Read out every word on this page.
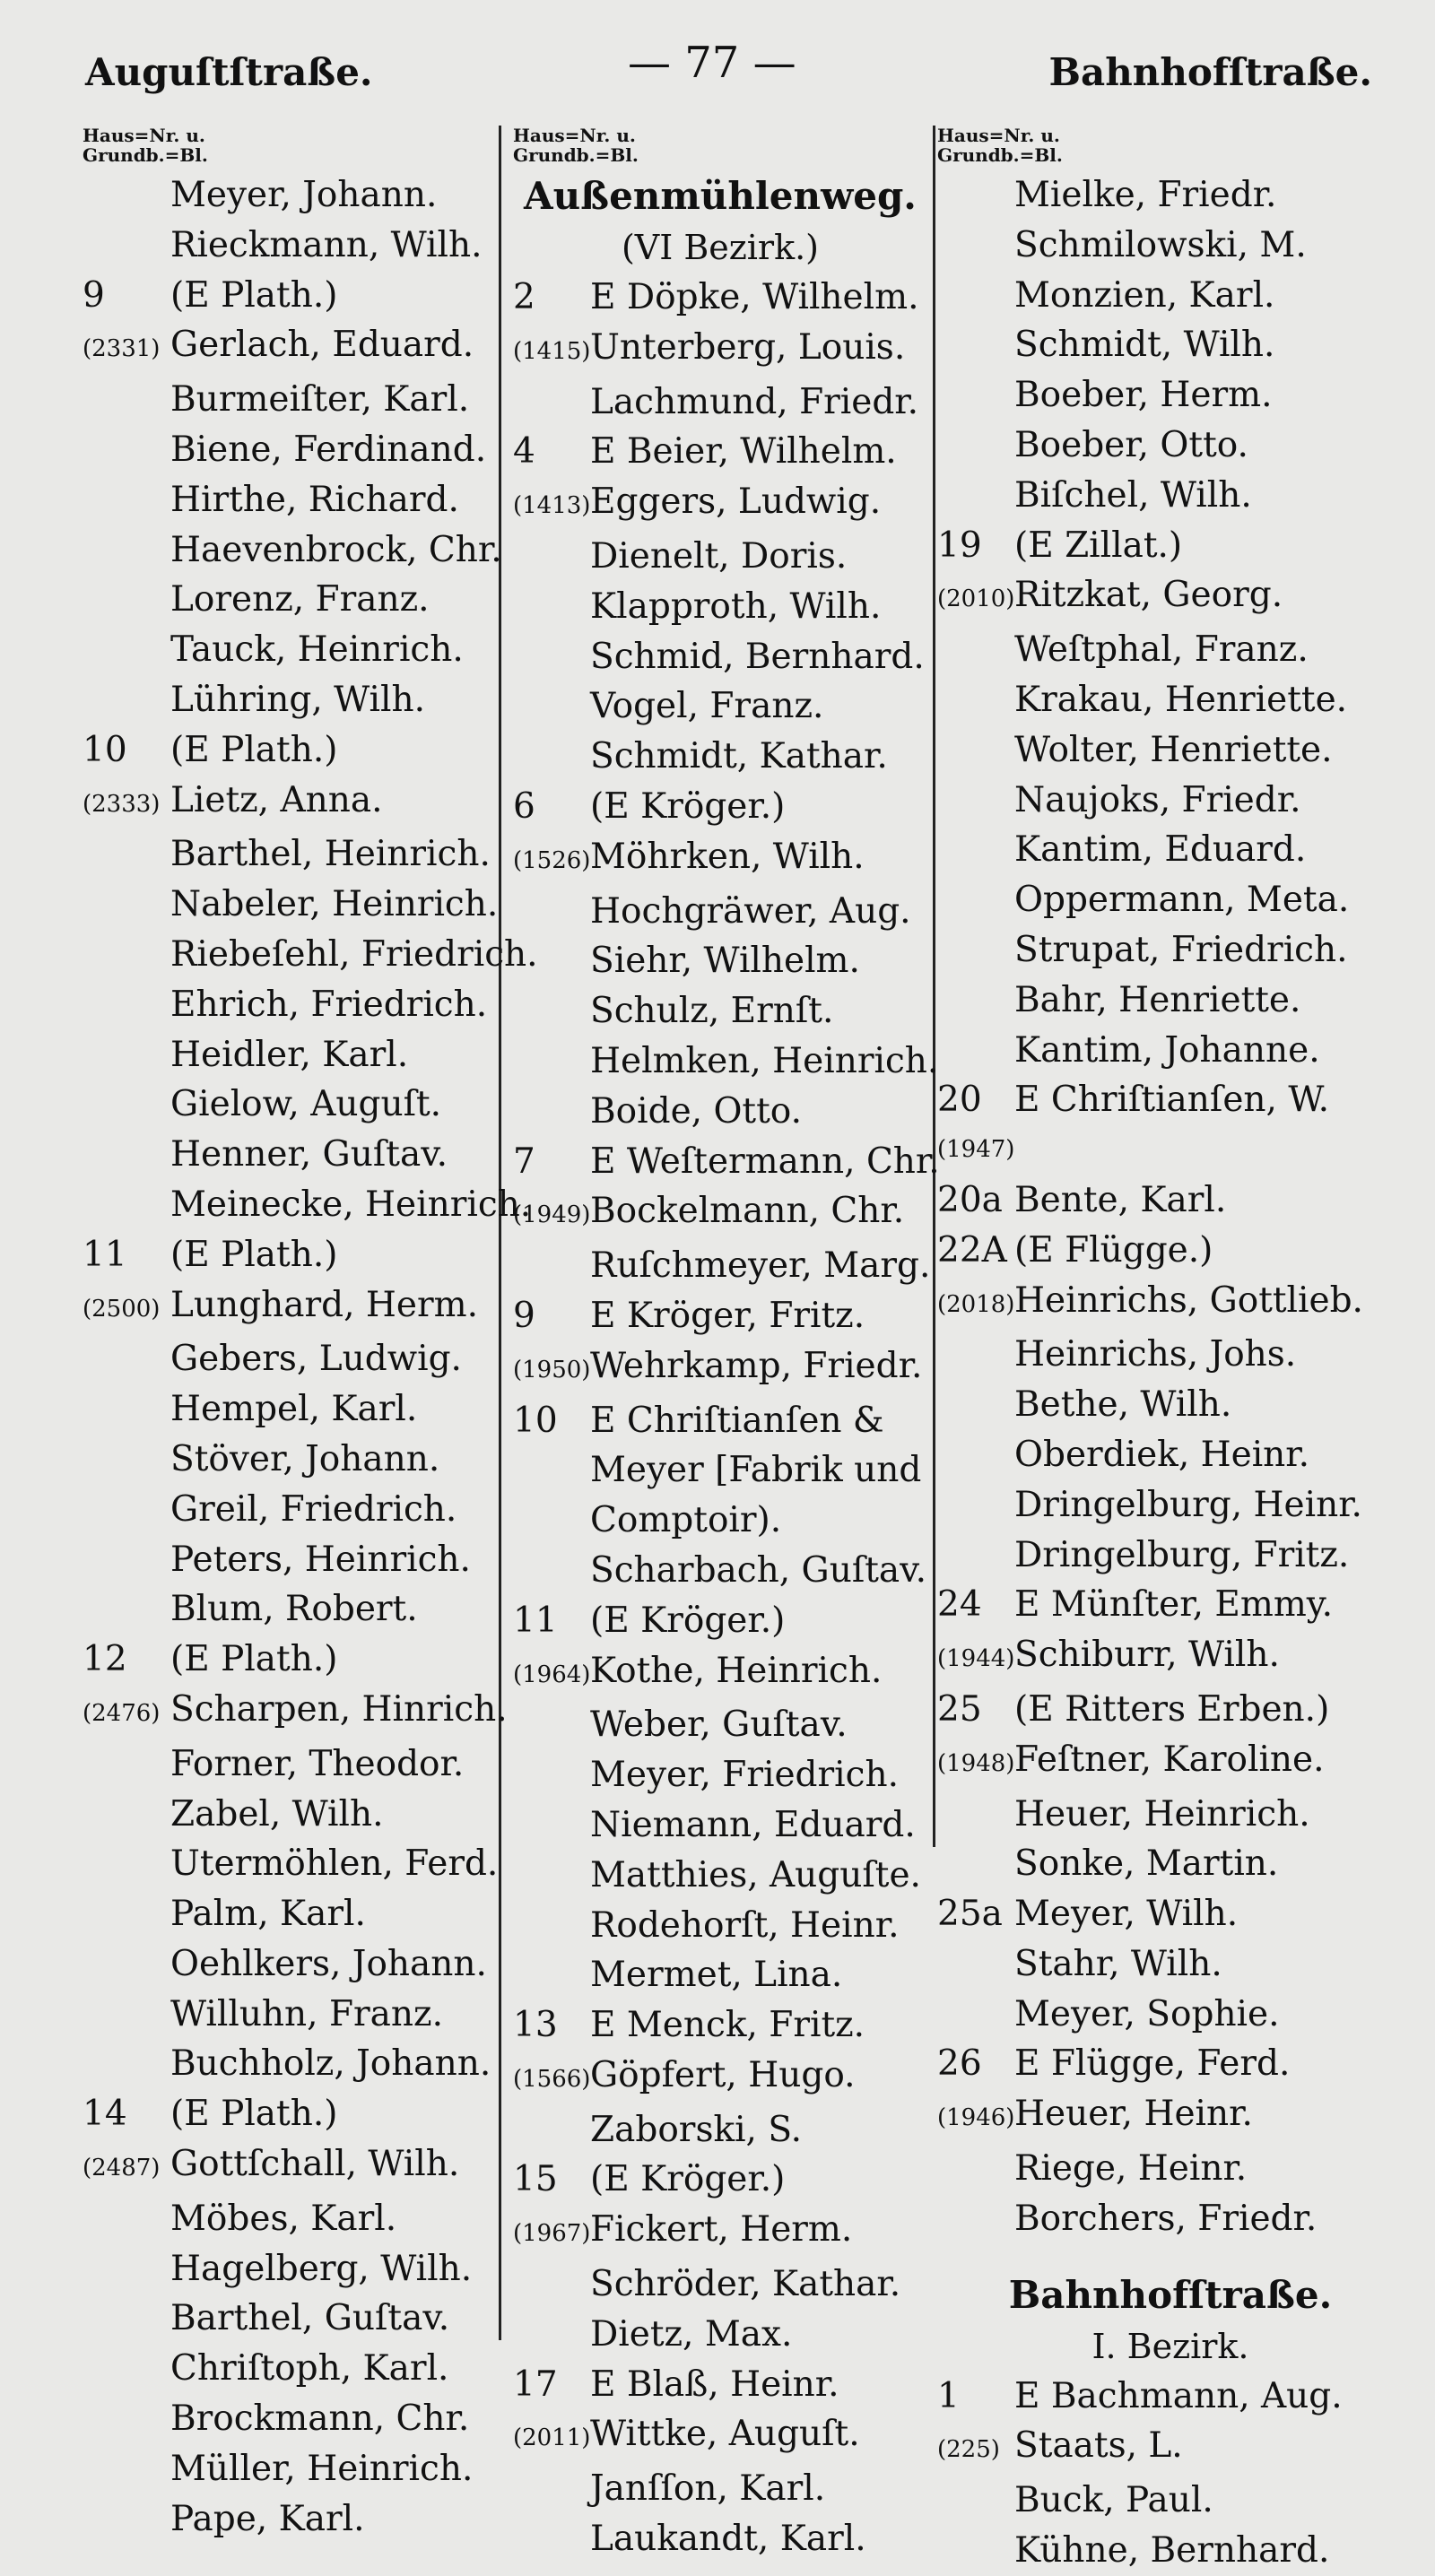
Auguſtſtraße.	— 77 —	Bahnhofſtraße.
Haus=Nr. u.
Grundb.=Bl.
Meyer, Johann.
Rieckmann, Wilh.
9	(E Plath.)
(2331) Gerlach, Eduard.
Burmeiſter, Karl.
Biene, Ferdinand.
Hirthe, Richard.
Haevenbrock, Chr.
Lorenz, Franz.
Tauck, Heinrich.
Lühring, Wilh.
10	(E Plath.)
(2333) Lietz, Anna.
Barthel, Heinrich.
Nabeler, Heinrich.
Riebeſehl, Friedrich.
Ehrich, Friedrich.
Heidler, Karl.
Gielow, Auguſt.
Henner, Guſtav.
Meinecke, Heinrich.
11	(E Plath.)
(2500) Lunghard, Herm.
Gebers, Ludwig.
Hempel, Karl.
Stöver, Johann.
Greil, Friedrich.
Peters, Heinrich.
Blum, Robert.
12	(E Plath.)
(2476) Scharpen, Hinrich.
Forner, Theodor.
Zabel, Wilh.
Utermöhlen, Ferd.
Palm, Karl.
Oehlkers, Johann.
Willuhn, Franz.
Buchholz, Johann.
14	(E Plath.)
(2487) Gottſchall, Wilh.
Möbes, Karl.
Hagelberg, Wilh.
Barthel, Guſtav.
Chriſtoph, Karl.
Brockmann, Chr.
Müller, Heinrich.
Pape, Karl.
Haus=Nr. u.
Grundb.=Bl.
Außenmühlenweg.
(VI Bezirk.)
2	E Döpke, Wilhelm.
(1415) Unterberg, Louis.
Lachmund, Friedr.
4	E Beier, Wilhelm.
(1413) Eggers, Ludwig.
Dienelt, Doris.
Klapproth, Wilh.
Schmid, Bernhard.
Vogel, Franz.
Schmidt, Kathar.
6	(E Kröger.)
(1526) Möhrken, Wilh.
Hochgräwer, Aug.
Siehr, Wilhelm.
Schulz, Ernſt.
Helmken, Heinrich.
Boide, Otto.
7	E Weſtermann, Chr.
(1949) Bockelmann, Chr.
Ruſchmeyer, Marg.
9	E Kröger, Fritz.
(1950) Wehrkamp, Friedr.
10 E Chriſtianſen &
Meyer [Fabrik und
Comptoir).
Scharbach, Guſtav.
11 (E Kröger.)
(1964) Kothe, Heinrich.
Weber, Guſtav.
Meyer, Friedrich.
Niemann, Eduard.
Matthies, Auguſte.
Rodehorſt, Heinr.
Mermet, Lina.
13 E Menck, Fritz.
(1566) Göpfert, Hugo.
Zaborski, S.
15 (E Kröger.)
(1967) Fickert, Herm.
Schröder, Kathar.
Dietz, Max.
17 E Blaß, Heinr.
(2011) Wittke, Auguſt.
Janſſon, Karl.
Laukandt, Karl.
Haus=Nr. u.
Grundb.=Bl.
Mielke, Friedr.
Schmilowski, M.
Monzien, Karl.
Schmidt, Wilh.
Boeber, Herm.
Boeber, Otto.
Biſchel, Wilh.
19 (E Zillat.)
(2010) Ritzkat, Georg.
Weſtphal, Franz.
Krakau, Henriette.
Wolter, Henriette.
Naujoks, Friedr.
Kantim, Eduard.
Oppermann, Meta.
Strupat, Friedrich.
Bahr, Henriette.
Kantim, Johanne.
20 E Chriſtianſen, W.
(1947)
20a Bente, Karl.
22A (E Flügge.)
(2018) Heinrichs, Gottlieb.
Heinrichs, Johs.
Bethe, Wilh.
Oberdiek, Heinr.
Dringelburg, Heinr.
Dringelburg, Fritz.
24 E Münſter, Emmy.
(1944) Schiburr, Wilh.
25 (E Ritters Erben.)
(1948) Feſtner, Karoline.
Heuer, Heinrich.
Sonke, Martin.
25a Meyer, Wilh.
Stahr, Wilh.
Meyer, Sophie.
26 E Flügge, Ferd.
(1946) Heuer, Heinr.
Riege, Heinr.
Borchers, Friedr.
Bahnhofſtraße.
I. Bezirk.
1	E Bachmann, Aug.
(225) Staats, L.
Buck, Paul.
Kühne, Bernhard.
